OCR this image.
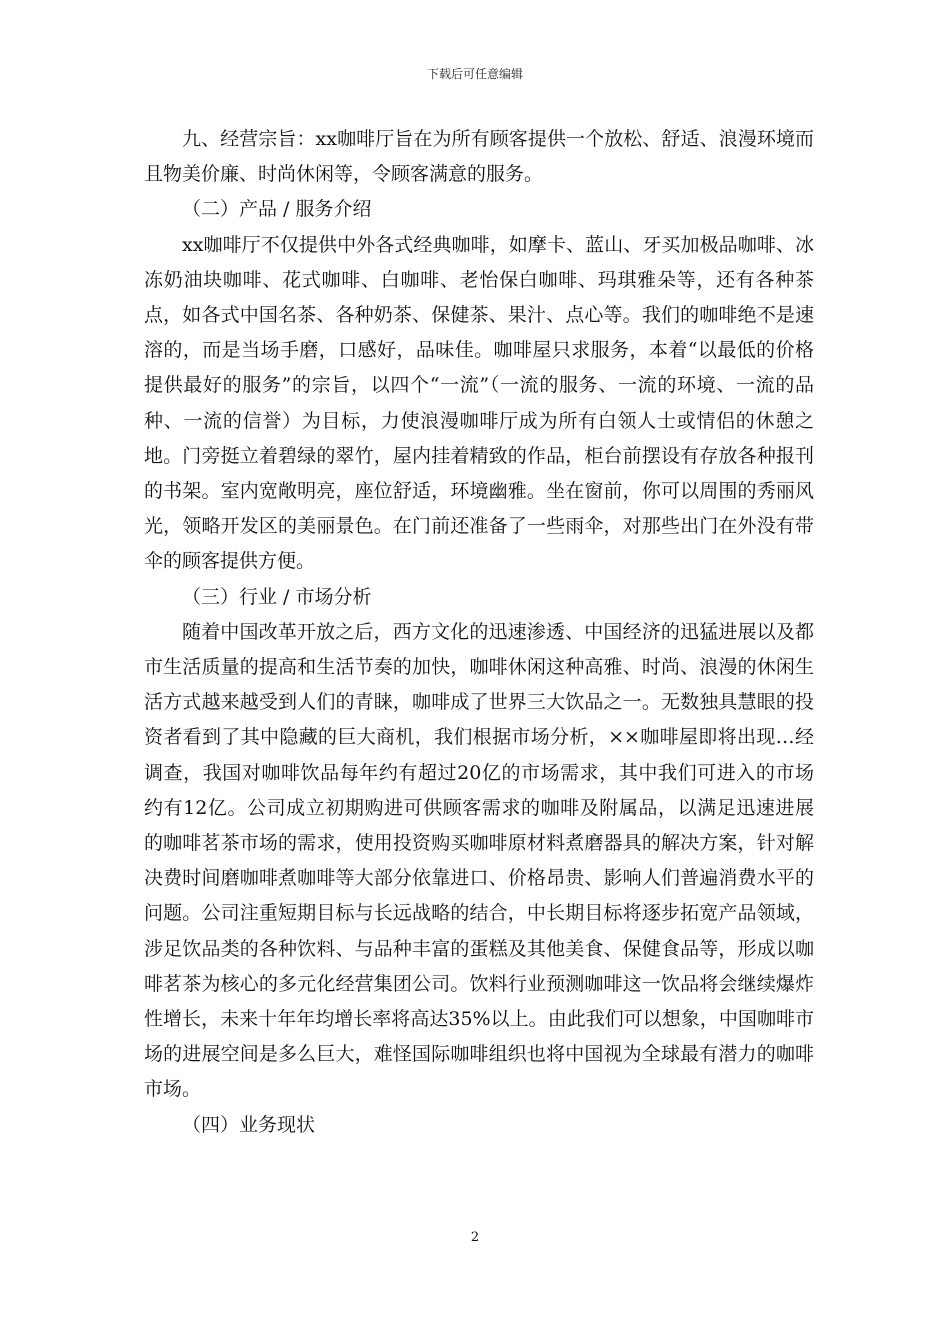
下载后可任意编辑

九、经营宗旨：xx咖啡厅旨在为所有顾客提供一个放松、舒适、浪漫环境而且物美价廉、时尚休闲等，令顾客满意的服务。

（二）产品 / 服务介绍

xx咖啡厅不仅提供中外各式经典咖啡，如摩卡、蓝山、牙买加极品咖啡、冰冻奶油块咖啡、花式咖啡、白咖啡、老怡保白咖啡、玛琪雅朵等，还有各种茶点，如各式中国名茶、各种奶茶、保健茶、果汁、点心等。我们的咖啡绝不是速溶的，而是当场手磨，口感好，品味佳。咖啡屋只求服务，本着“以最低的价格提供最好的服务”的宗旨，以四个“一流”（一流的服务、一流的环境、一流的品种、一流的信誉）为目标，力使浪漫咖啡厅成为所有白领人士或情侣的休憩之地。门旁挺立着碧绿的翠竹，屋内挂着精致的作品，柜台前摆设有存放各种报刊的书架。室内宽敞明亮，座位舒适，环境幽雅。坐在窗前，你可以周围的秀丽风光，领略开发区的美丽景色。在门前还准备了一些雨伞，对那些出门在外没有带伞的顾客提供方便。

（三）行业 / 市场分析

随着中国改革开放之后，西方文化的迅速渗透、中国经济的迅猛进展以及都市生活质量的提高和生活节奏的加快，咖啡休闲这种高雅、时尚、浪漫的休闲生活方式越来越受到人们的青睐，咖啡成了世界三大饮品之一。无数独具慧眼的投资者看到了其中隐藏的巨大商机，我们根据市场分析，××咖啡屋即将出现…经调查，我国对咖啡饮品每年约有超过20亿的市场需求，其中我们可进入的市场约有12亿。公司成立初期购进可供顾客需求的咖啡及附属品，以满足迅速进展的咖啡茗茶市场的需求，使用投资购买咖啡原材料煮磨器具的解决方案，针对解决费时间磨咖啡煮咖啡等大部分依靠进口、价格昂贵、影响人们普遍消费水平的问题。公司注重短期目标与长远战略的结合，中长期目标将逐步拓宽产品领域，涉足饮品类的各种饮料、与品种丰富的蛋糕及其他美食、保健食品等，形成以咖啡茗茶为核心的多元化经营集团公司。饮料行业预测咖啡这一饮品将会继续爆炸性增长，未来十年年均增长率将高达35%以上。由此我们可以想象，中国咖啡市场的进展空间是多么巨大，难怪国际咖啡组织也将中国视为全球最有潜力的咖啡市场。

（四）业务现状

2
